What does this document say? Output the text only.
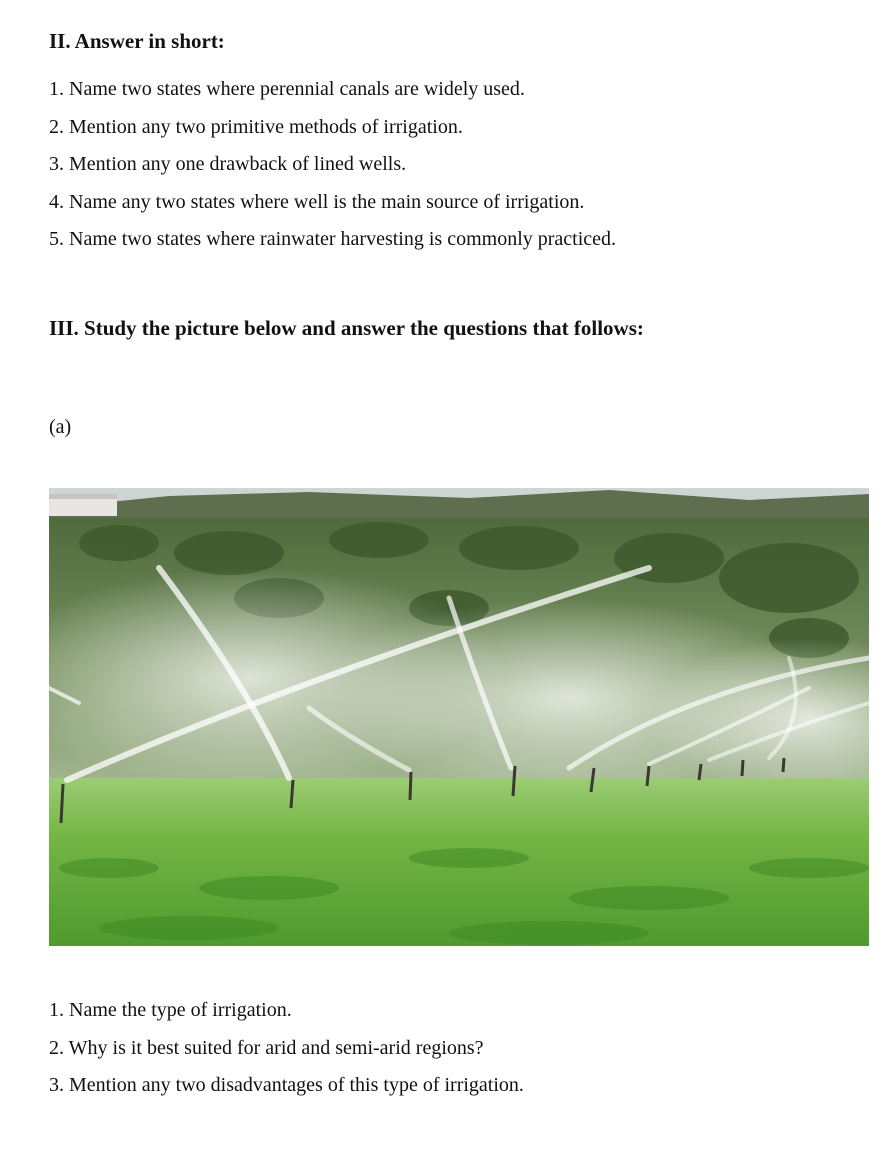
II. Answer in short:
1. Name two states where perennial canals are widely used.
2. Mention any two primitive methods of irrigation.
3. Mention any one drawback of lined wells.
4. Name any two states where well is the main source of irrigation.
5. Name two states where rainwater harvesting is commonly practiced.
III. Study the picture below and answer the questions that follows:

(a)

1. Name the type of irrigation.
2. Why is it best suited for arid and semi-arid regions?
3. Mention any two disadvantages of this type of irrigation.
